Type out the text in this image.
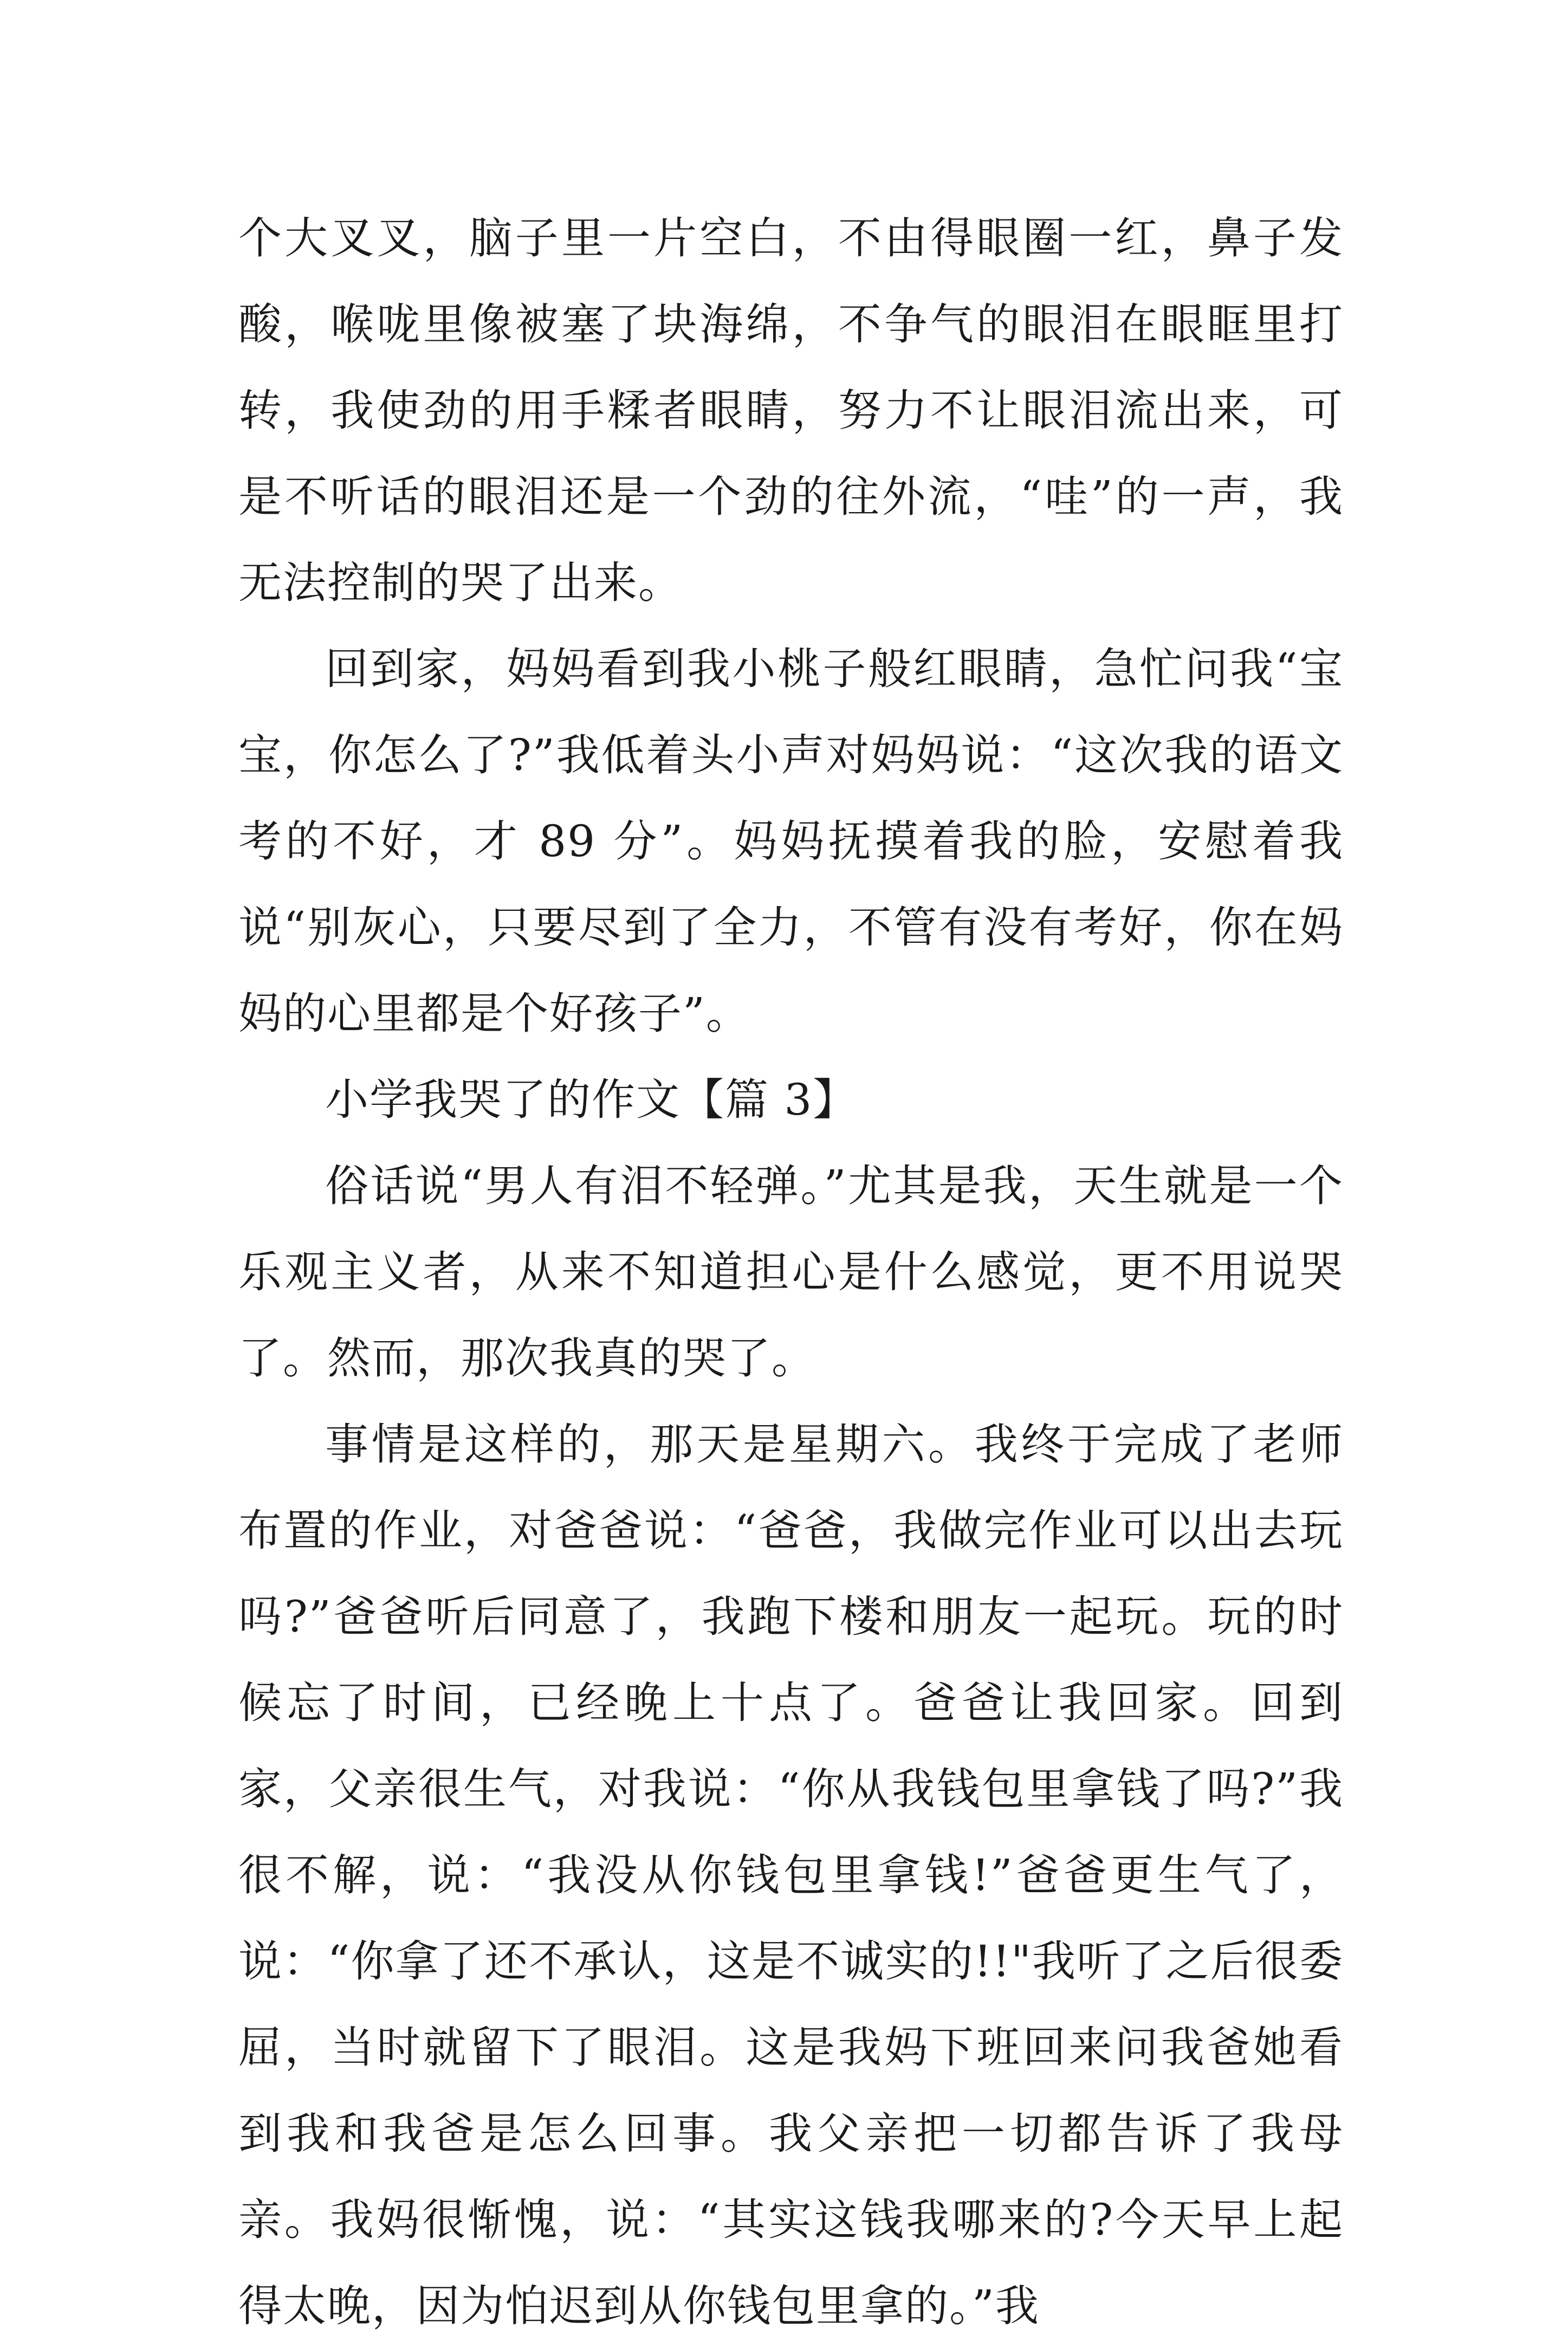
个大叉叉，脑子里一片空白，不由得眼圈一红，鼻子发酸，喉咙里像被塞了块海绵，不争气的眼泪在眼眶里打转，我使劲的用手糅者眼睛，努力不让眼泪流出来，可是不听话的眼泪还是一个劲的往外流，“哇”的一声，我无法控制的哭了出来。

回到家，妈妈看到我小桃子般红眼睛，急忙问我“宝宝，你怎么了?”我低着头小声对妈妈说：“这次我的语文考的不好，才 89 分”。妈妈抚摸着我的脸，安慰着我说“别灰心，只要尽到了全力，不管有没有考好，你在妈妈的心里都是个好孩子”。

小学我哭了的作文【篇 3】

俗话说“男人有泪不轻弹。”尤其是我，天生就是一个乐观主义者，从来不知道担心是什么感觉，更不用说哭了。然而，那次我真的哭了。

事情是这样的，那天是星期六。我终于完成了老师布置的作业，对爸爸说：“爸爸，我做完作业可以出去玩吗?”爸爸听后同意了，我跑下楼和朋友一起玩。玩的时候忘了时间，已经晚上十点了。爸爸让我回家。回到家，父亲很生气，对我说：“你从我钱包里拿钱了吗?”我很不解，说：“我没从你钱包里拿钱!”爸爸更生气了，说：“你拿了还不承认，这是不诚实的!!"我听了之后很委屈，当时就留下了眼泪。这是我妈下班回来问我爸她看到我和我爸是怎么回事。我父亲把一切都告诉了我母亲。我妈很惭愧，说：“其实这钱我哪来的?今天早上起得太晚，因为怕迟到从你钱包里拿的。”我
